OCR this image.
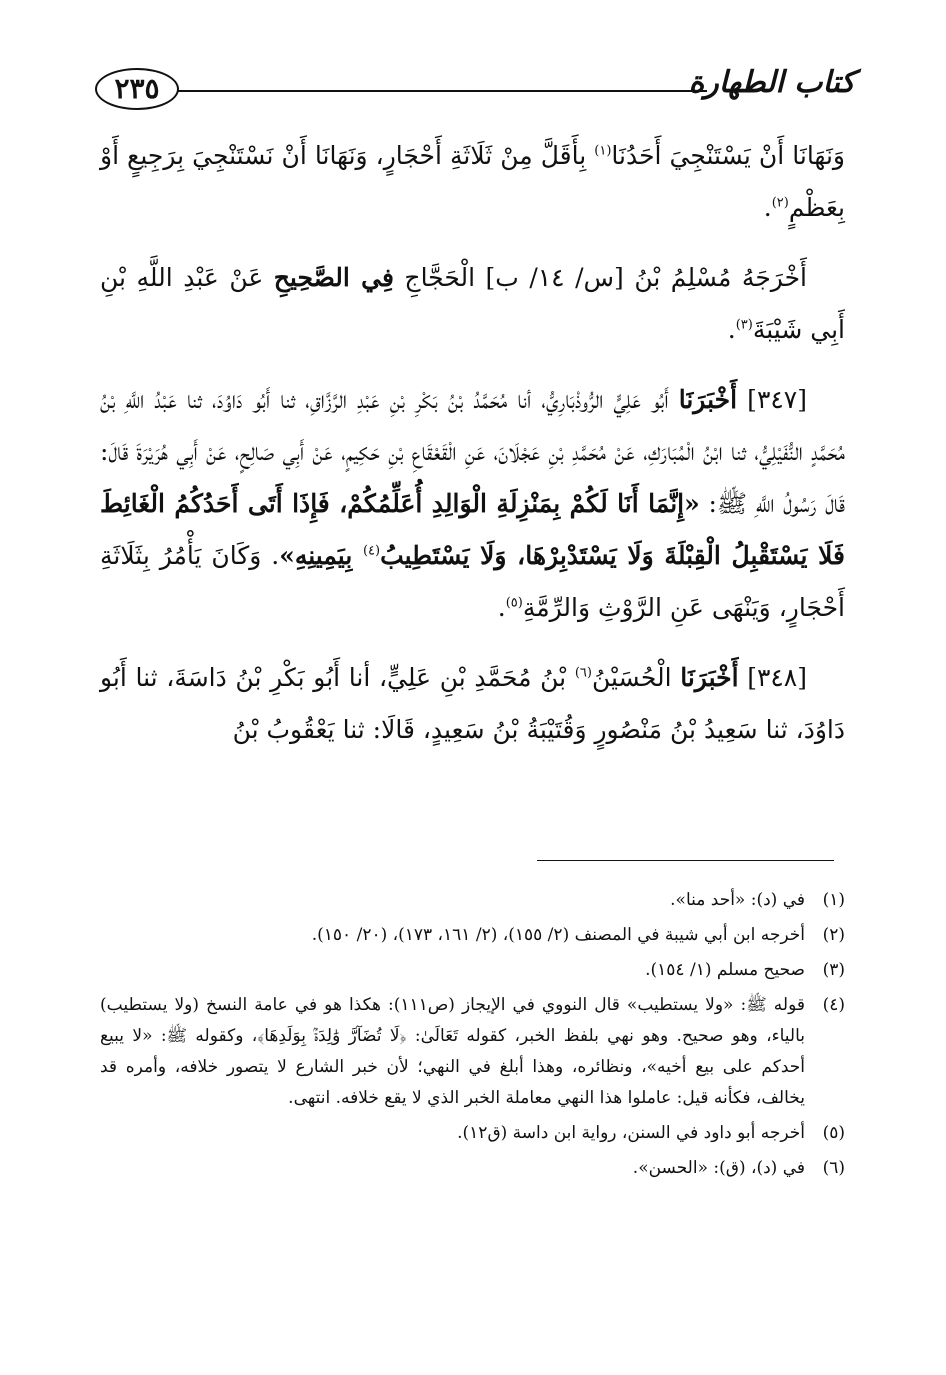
٢٣٥	كتاب الطهارة

وَنَهَانَا أَنْ يَسْتَنْجِيَ أَحَدُنَا$^{(١)}$ بِأَقَلَّ مِنْ ثَلَاثَةِ أَحْجَارٍ، وَنَهَانَا أَنْ نَسْتَنْجِيَ بِرَجِيعٍ أَوْ بِعَظْمٍ$^{(٢)}$.

أَخْرَجَهُ مُسْلِمُ بْنُ [س/ ١٤/ ب] الْحَجَّاجِ فِي الصَّحِيحِ عَنْ عَبْدِ اللَّهِ بْنِ أَبِي شَيْبَةَ$^{(٣)}$.

[٣٤٧] أَخْبَرَنَا أَبُو عَلِيٍّ الرُّوذْبَارِيُّ، أنا مُحَمَّدُ بْنُ بَكْرِ بْنِ عَبْدِ الرَّزَّاقِ، ثنا أَبُو دَاوُدَ، ثنا عَبْدُ اللَّهِ بْنُ مُحَمَّدٍ النُّفَيْلِيُّ، ثنا ابْنُ الْمُبَارَكِ، عَنْ مُحَمَّدِ بْنِ عَجْلَانَ، عَنِ الْقَعْقَاعِ بْنِ حَكِيمٍ، عَنْ أَبِي صَالِحٍ، عَنْ أَبِي هُرَيْرَةَ قَالَ: قَالَ رَسُولُ اللَّهِ ﷺ: «إِنَّمَا أَنَا لَكُمْ بِمَنْزِلَةِ الْوَالِدِ أُعَلِّمُكُمْ، فَإِذَا أَتَى أَحَدُكُمُ الْغَائِطَ فَلَا يَسْتَقْبِلُ الْقِبْلَةَ وَلَا يَسْتَدْبِرْهَا، وَلَا يَسْتَطِيبُ$^{(٤)}$ بِيَمِينِهِ». وَكَانَ يَأْمُرُ بِثَلَاثَةِ أَحْجَارٍ، وَيَنْهَى عَنِ الرَّوْثِ وَالرِّمَّةِ$^{(٥)}$.

[٣٤٨] أَخْبَرَنَا الْحُسَيْنُ$^{(٦)}$ بْنُ مُحَمَّدِ بْنِ عَلِيٍّ، أنا أَبُو بَكْرِ بْنُ دَاسَةَ، ثنا أَبُو دَاوُدَ، ثنا سَعِيدُ بْنُ مَنْصُورٍ وَقُتَيْبَةُ بْنُ سَعِيدٍ، قَالَا: ثنا يَعْقُوبُ بْنُ

(١)
في (د): «أحد منا».
(٢)
أخرجه ابن أبي شيبة في المصنف (٢/ ١٥٥)، (٢/ ١٦١، ١٧٣)، (٢٠/ ١٥٠).
(٣)
صحيح مسلم (١/ ١٥٤).
(٤)
قوله ﷺ: «ولا يستطيب» قال النووي في الإيجاز (ص١١١): هكذا هو في عامة النسخ (ولا يستطيب) بالياء، وهو صحيح. وهو نهي بلفظ الخبر، كقوله تَعَالَىٰ: ﴿لَا تُضَآرَّ وَٰلِدَةُۢ بِوَلَدِهَا﴾، وكقوله ﷺ: «لا يبيع أحدكم على بيع أخيه»، ونظائره، وهذا أبلغ في النهي؛ لأن خبر الشارع لا يتصور خلافه، وأمره قد يخالف، فكأنه قيل: عاملوا هذا النهي معاملة الخبر الذي لا يقع خلافه. انتهى.
(٥)
أخرجه أبو داود في السنن، رواية ابن داسة (ق١٢).
(٦)
في (د)، (ق): «الحسن».
